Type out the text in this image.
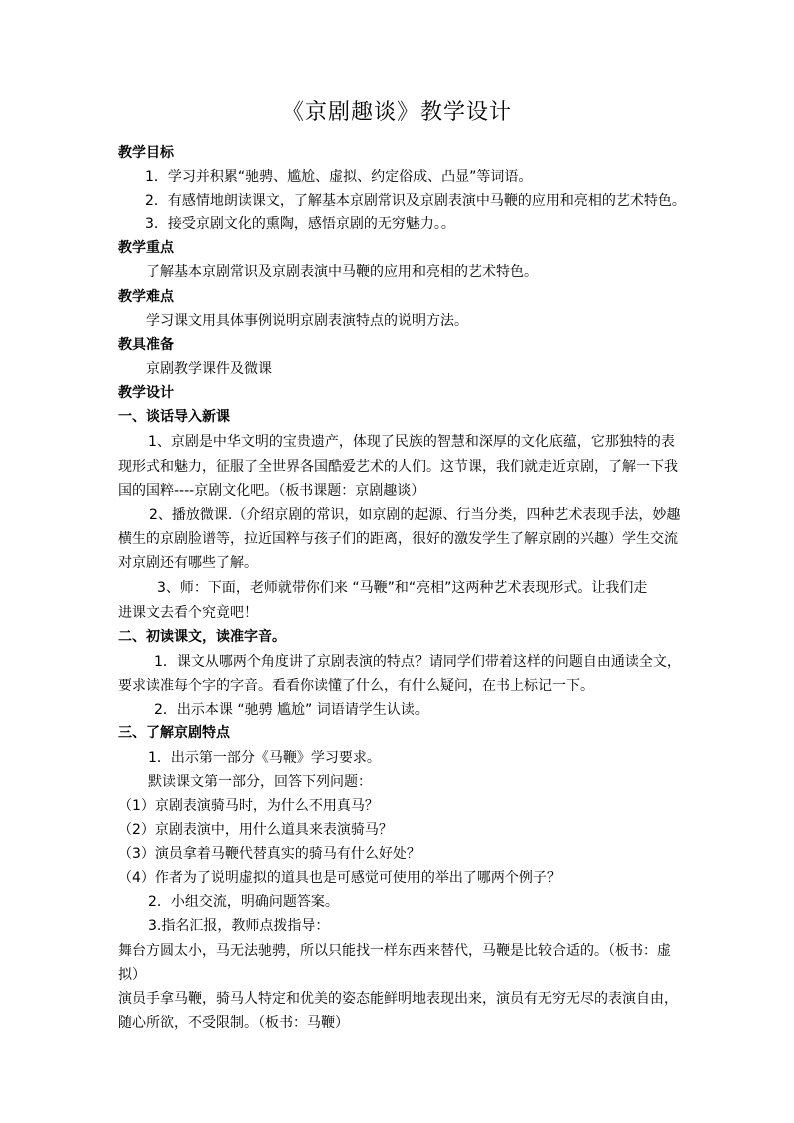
《京剧趣谈》教学设计
教学目标
1．学习并积累“驰骋、尴尬、虚拟、约定俗成、凸显”等词语。
2．有感情地朗读课文，了解基本京剧常识及京剧表演中马鞭的应用和亮相的艺术特色。
3．接受京剧文化的熏陶，感悟京剧的无穷魅力。。
教学重点
了解基本京剧常识及京剧表演中马鞭的应用和亮相的艺术特色。
教学难点
学习课文用具体事例说明京剧表演特点的说明方法。
教具准备
京剧教学课件及微课
教学设计
一、谈话导入新课
1、京剧是中华文明的宝贵遗产，体现了民族的智慧和深厚的文化底蕴，它那独特的表
现形式和魅力，征服了全世界各国酷爱艺术的人们。这节课，我们就走近京剧，了解一下我
国的国粹----京剧文化吧。（板书课题：京剧趣谈）
2、播放微课.（介绍京剧的常识，如京剧的起源、行当分类，四种艺术表现手法，妙趣
横生的京剧脸谱等，拉近国粹与孩子们的距离，很好的激发学生了解京剧的兴趣）学生交流
对京剧还有哪些了解。
3、师：下面，老师就带你们来 “马鞭”和“亮相”这两种艺术表现形式。让我们走
进课文去看个究竟吧！
二、初读课文，读准字音。
1．课文从哪两个角度讲了京剧表演的特点？请同学们带着这样的问题自由通读全文，
要求读准每个字的字音。看看你读懂了什么，有什么疑问，在书上标记一下。
2．出示本课 “驰骋 尴尬” 词语请学生认读。
三、了解京剧特点
1．出示第一部分《马鞭》学习要求。
默读课文第一部分，回答下列问题：
（1）京剧表演骑马时，为什么不用真马？
（2）京剧表演中，用什么道具来表演骑马？
（3）演员拿着马鞭代替真实的骑马有什么好处？
（4）作者为了说明虚拟的道具也是可感觉可使用的举出了哪两个例子？
2．小组交流，明确问题答案。
3.指名汇报，教师点拨指导：
舞台方圆太小，马无法驰骋，所以只能找一样东西来替代，马鞭是比较合适的。（板书：虚
拟）
演员手拿马鞭，骑马人特定和优美的姿态能鲜明地表现出来，演员有无穷无尽的表演自由，
随心所欲，不受限制。（板书：马鞭）
